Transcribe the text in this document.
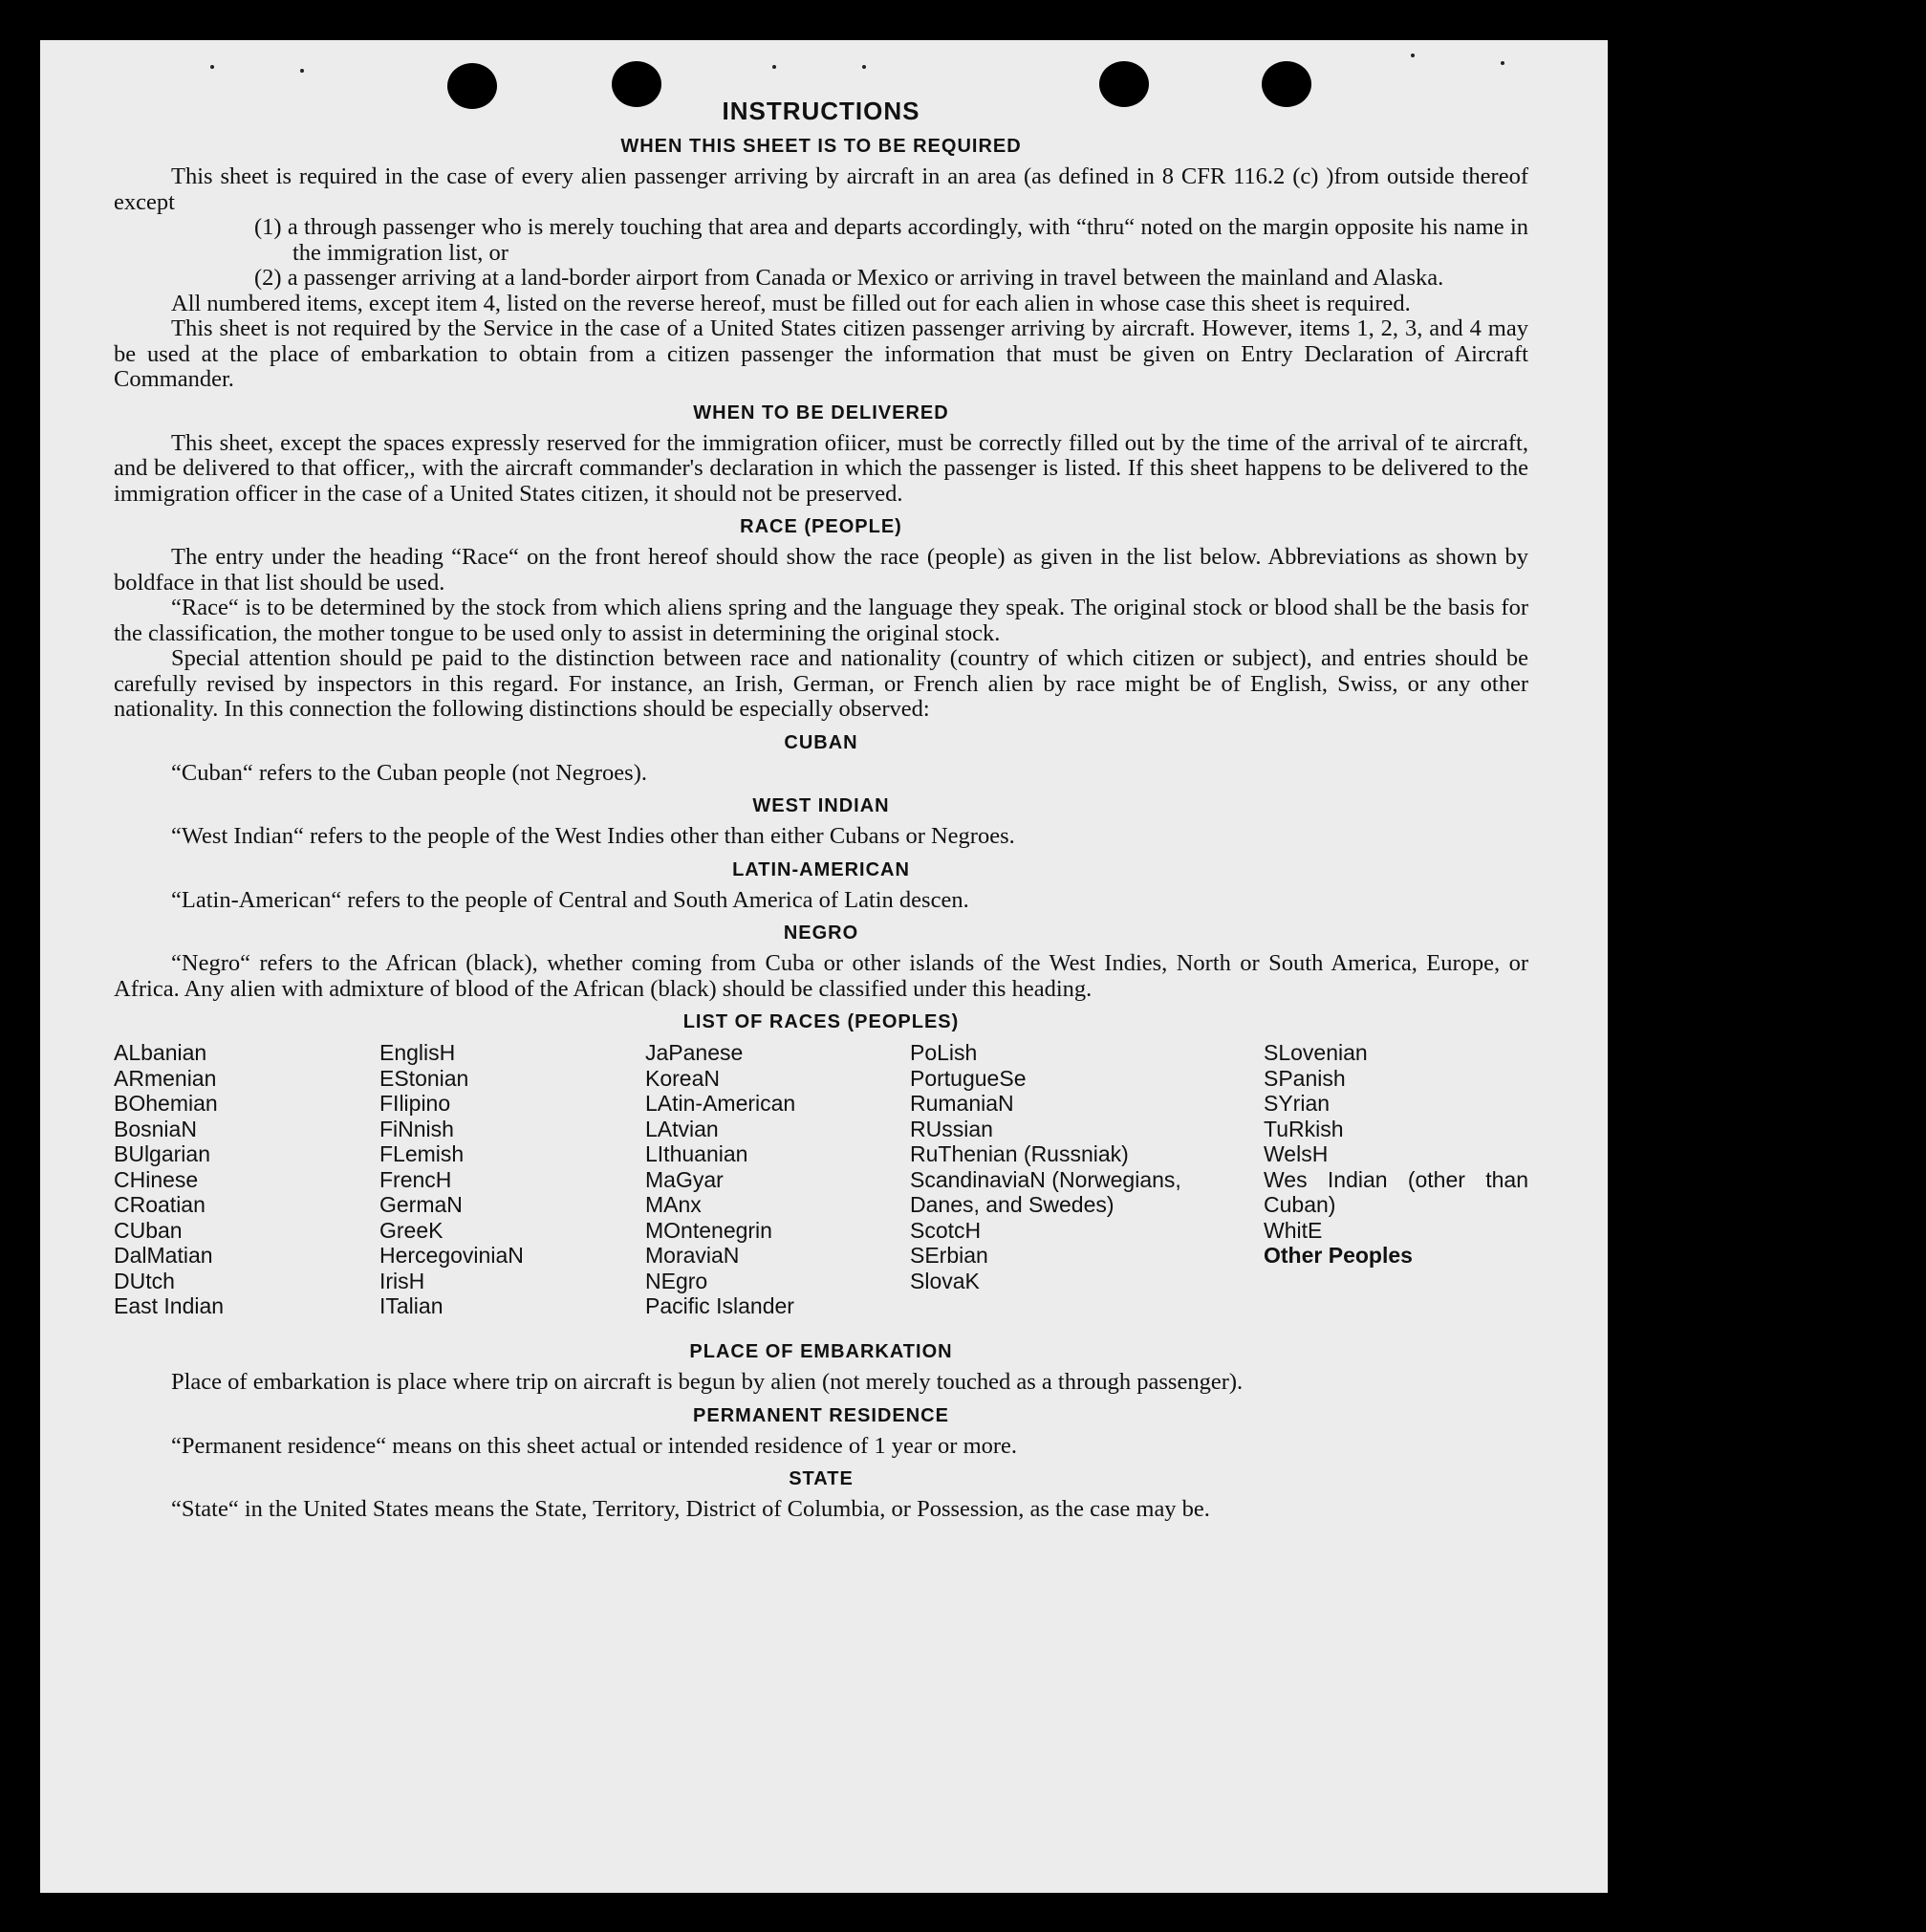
INSTRUCTIONS
WHEN THIS SHEET IS TO BE REQUIRED

This sheet is required in the case of every alien passenger arriving by aircraft in an area (as defined in 8 CFR 116.2 (c) )from outside thereof except

(1) a through passenger who is merely touching that area and departs accordingly, with “thru“ noted on the margin opposite his name in the immigration list, or

(2) a passenger arriving at a land-border airport from Canada or Mexico or arriving in travel between the mainland and Alaska.

All numbered items, except item 4, listed on the reverse hereof, must be filled out for each alien in whose case this sheet is required.

This sheet is not required by the Service in the case of a United States citizen passenger arriving by aircraft. However, items 1, 2, 3, and 4 may be used at the place of embarkation to obtain from a citizen passenger the information that must be given on Entry Declaration of Aircraft Commander.

WHEN TO BE DELIVERED

This sheet, except the spaces expressly reserved for the immigration ofiicer, must be correctly filled out by the time of the arrival of te aircraft, and be delivered to that officer,, with the aircraft commander's declaration in which the passenger is listed. If this sheet happens to be delivered to the immigration officer in the case of a United States citizen, it should not be preserved.

RACE (PEOPLE)

The entry under the heading “Race“ on the front hereof should show the race (people) as given in the list below. Abbreviations as shown by boldface in that list should be used.

“Race“ is to be determined by the stock from which aliens spring and the language they speak. The original stock or blood shall be the basis for the classification, the mother tongue to be used only to assist in determining the original stock.

Special attention should pe paid to the distinction between race and nationality (country of which citizen or subject), and entries should be carefully revised by inspectors in this regard. For instance, an Irish, German, or French alien by race might be of English, Swiss, or any other nationality. In this connection the following distinctions should be especially observed:

CUBAN

“Cuban“ refers to the Cuban people (not Negroes).

WEST INDIAN

“West Indian“ refers to the people of the West Indies other than either Cubans or Negroes.

LATIN-AMERICAN

“Latin-American“ refers to the people of Central and South America of Latin descen.

NEGRO

“Negro“ refers to the African (black), whether coming from Cuba or other islands of the West Indies, North or South America, Europe, or Africa. Any alien with admixture of blood of the African (black) should be classified under this heading.

LIST OF RACES (PEOPLES)
ALbanian
ARmenian
BOhemian
BosniaN
BUlgarian
CHinese
CRoatian
CUban
DalMatian
DUtch
East Indian
EnglisH
EStonian
FIlipino
FiNnish
FLemish
FrencH
GermaN
GreeK
HercegoviniaN
IrisH
ITalian
JaPanese
KoreaN
LAtin-American
LAtvian
LIthuanian
MaGyar
MAnx
MOntenegrin
MoraviaN
NEgro
Pacific Islander
PoLish
PortugueSe
RumaniaN
RUssian
RuThenian (Russniak)
ScandinaviaN (Norwegians, Danes, and Swedes)
ScotcH
SErbian
SlovaK
SLovenian
SPanish
SYrian
TuRkish
WelsH
Wes Indian (other than Cuban)
WhitE
Other Peoples
PLACE OF EMBARKATION

Place of embarkation is place where trip on aircraft is begun by alien (not merely touched as a through passenger).

PERMANENT RESIDENCE

“Permanent residence“ means on this sheet actual or intended residence of 1 year or more.

STATE

“State“ in the United States means the State, Territory, District of Columbia, or Possession, as the case may be.
